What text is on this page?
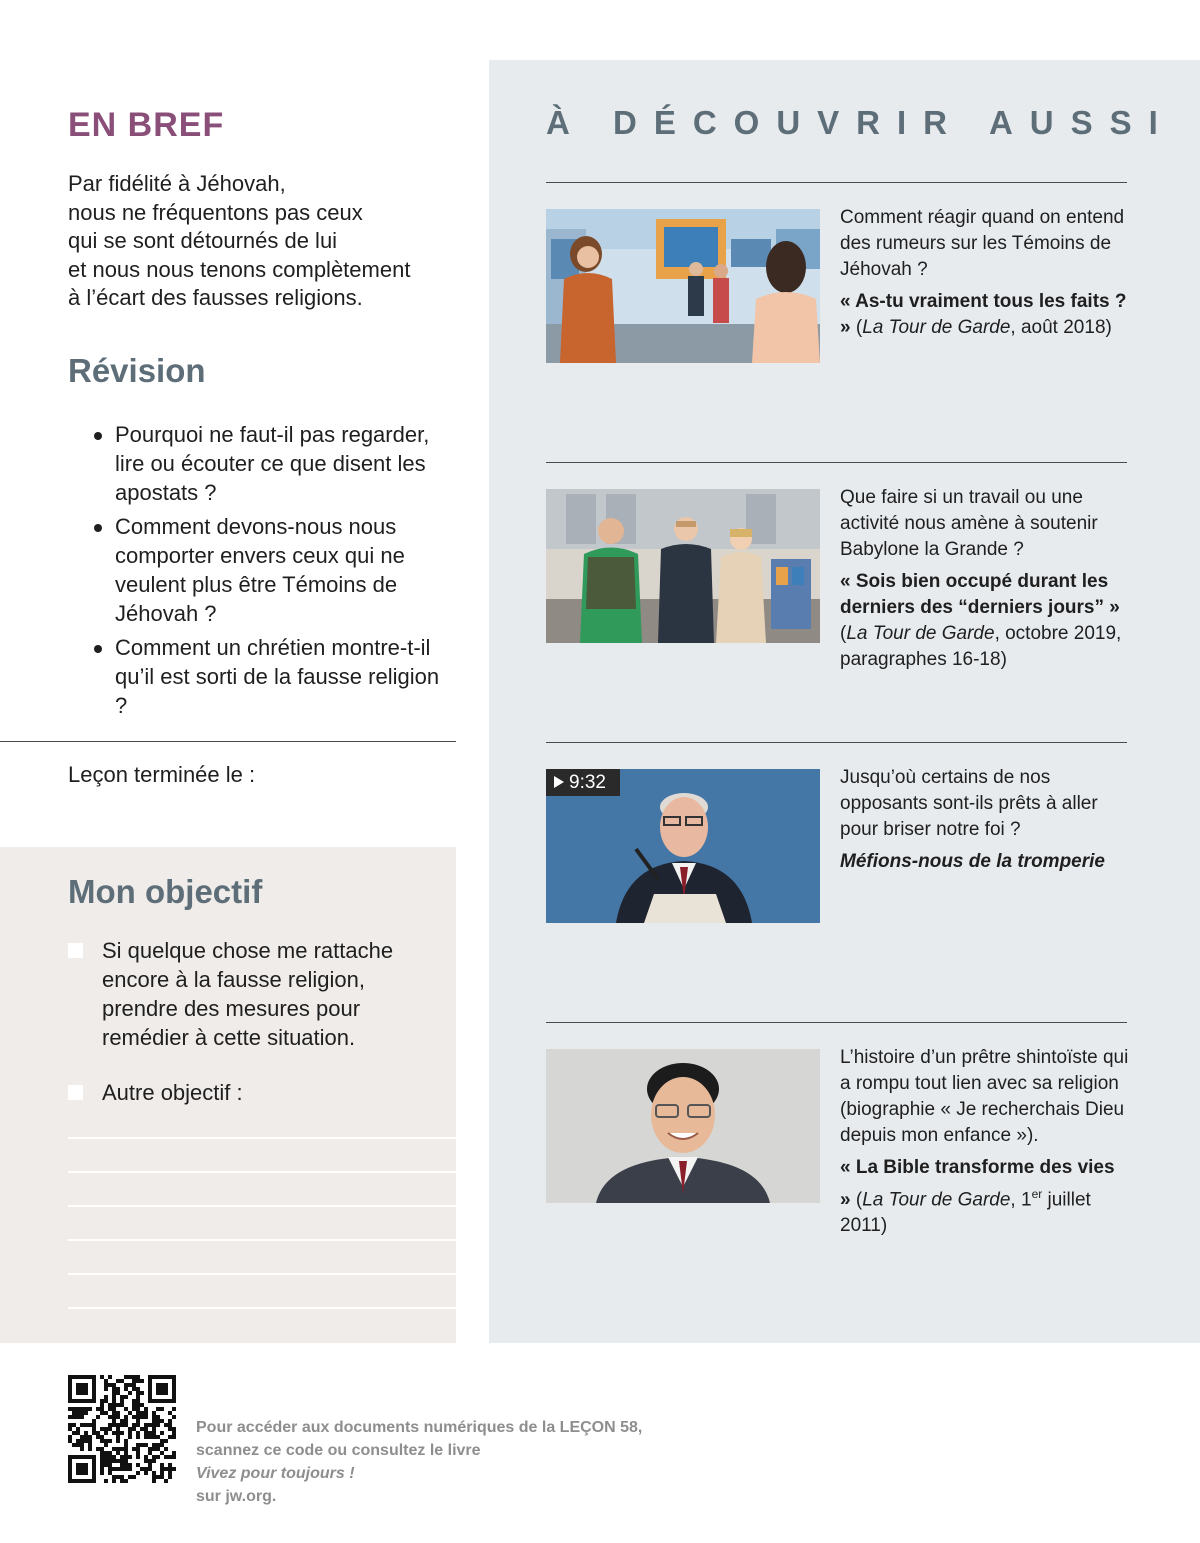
EN BREF

Par fidélité à Jéhovah,
nous ne fréquentons pas ceux
qui se sont détournés de lui
et nous nous tenons complètement
à l’écart des fausses religions.

Révision
Pourquoi ne faut-il pas regarder, lire ou écouter ce que disent les apostats ?
Comment devons-nous nous comporter envers ceux qui ne veulent plus être Témoins de Jéhovah ?
Comment un chrétien montre-t-il qu’il est sorti de la fausse religion ?

Leçon terminée le :

Mon objectif
Si quelque chose me rattache encore à la fausse religion, prendre des mesures pour remédier à cette situation.
Autre objectif :
À DÉCOUVRIR AUSSI

Comment réagir quand on entend des rumeurs sur les Témoins de Jéhovah ?

« As-tu vraiment tous les faits ? » (La Tour de Garde, août 2018)

Que faire si un travail ou une activité nous amène à soutenir Babylone la Grande ?

« Sois bien occupé durant les derniers des “derniers jours” » (La Tour de Garde, octobre 2019, paragraphes 16-18)

9:32	Jusqu’où certains de nos opposants sont-ils prêts à aller pour briser notre foi ?

Méfions-nous de la tromperie

L’histoire d’un prêtre shintoïste qui a rompu tout lien avec sa religion (biographie « Je recherchais Dieu depuis mon enfance »).

« La Bible transforme des vies » (La Tour de Garde, 1er juillet 2011)

Pour accéder aux documents numériques de la LEÇON 58,
scannez ce code ou consultez le livre
Vivez pour toujours !
sur jw.org.
